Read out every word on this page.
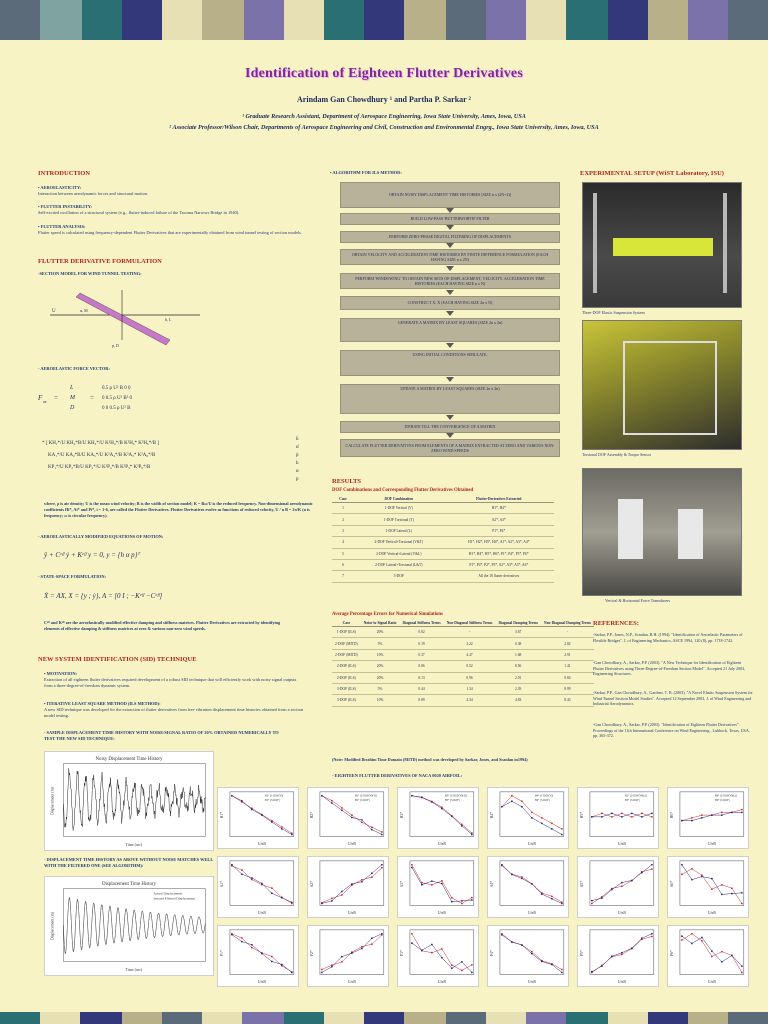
Identification of Eighteen Flutter Derivatives
Arindam Gan Chowdhury ¹ and Partha P. Sarkar ²
¹ Graduate Research Assistant, Department of Aerospace Engineering, Iowa State University, Ames, Iowa, USA
² Associate Professor/Wilson Chair, Departments of Aerospace Engineering and Civil, Construction and Environmental Engrg., Iowa State University, Ames, Iowa, USA
INTRODUCTION
• AEROELASTICITY:
Interaction between aerodynamic forces and structural motion.
• FLUTTER INSTABILITY:
Self-excited oscillation of a structural system (e.g., flutter-induced failure of the Tacoma Narrows Bridge in 1940).
• FLUTTER ANALYSIS:
Flutter speed is calculated using frequency-dependent Flutter Derivatives that are experimentally obtained from wind tunnel testing of section models.
FLUTTER DERIVATIVE FORMULATION
-SECTION MODEL FOR WIND TUNNEL TESTING:
U	α, M
p, D
h, L
- AEROELASTIC FORCE VECTOR:
F ae =
L
M
D
=
0.5 ρ U² B 0 0
0 0.5 ρ U² B² 0
0 0 0.5 ρ U² B
* [ KH₁*/U KH₂*B/U KH₅*/U K²H₄*/B K²H₃* K²H₆*/B ]
KA₁*/U KA₂*B/U KA₅*/U K²A₄*/B K²A₃* K²A₆*/B
KP₁*/U KP₂*B/U KP₅*/U K²P₄*/B K²P₃* K²P₆*/B
ḣ
α̇
ṗ
h
α
p
where, ρ is air density; U is the mean wind velocity; B is the width of section model; K = Bω/U is the reduced frequency. Non-dimensional aerodynamic coefficients Hi*, Ai* and Pi*, i = 1-6, are called the Flutter Derivatives. Flutter Derivatives evolve as functions of reduced velocity, U / n B = 2π/K (n is frequency; ω is circular frequency).
- AEROELASTICALLY MODIFIED EQUATIONS OF MOTION:
ÿ + Cᵉᶠᶠ ẏ + Kᵉᶠᶠ y = 0, y = {h α p}ᵀ
- STATE-SPACE FORMULATION:
Ẋ = AX, X = {y ; ẏ}, A = [0 I ; −Kᵉᶠᶠ −Cᵉᶠᶠ]
Cᵉᶠᶠ and Kᵉᶠᶠ are the aeroelastically modified effective damping and stiffness matrices. Flutter Derivatives are extracted by identifying elements of effective damping & stiffness matrices at zero & various non-zero wind speeds.
NEW SYSTEM IDENTIFICATION (SID) TECHNIQUE
• MOTIVATION:
Extraction of all eighteen flutter derivatives required development of a robust SID technique that will efficiently work with noisy signal outputs from a three-degree-of-freedom dynamic system.
• ITERATIVE LEAST SQUARE METHOD (ILS METHOD):
A new SID technique was developed for the extraction of flutter derivatives from free vibration displacement time histories obtained from a section model testing.
- SAMPLE DISPLACEMENT TIME HISTORY WITH NOISE/SIGNAL RATIO OF 20% OBTAINED NUMERICALLY TO TEST THE NEW SID TECHNIQUE:
Noisy Displacement Time History
Time (sec)
Displacement (m)
- DISPLACEMENT TIME HISTORY AS ABOVE WITHOUT NOISE MATCHES WELL WITH THE FILTERED ONE (SEE ALGORITHM):
Displacement Time History
Actual Displacement
Iterated Filtered Displacement
Time (sec)
Displacement (m)
• ALGORITHM FOR ILS METHOD:
OBTAIN NOISY DISPLACEMENT TIME HISTORIES [SIZE n x (2N+2)]
BUILD LOW-PASS 'BUTTERWORTH' FILTER
PERFORM ZERO-PHASE DIGITAL FILTERING OF DISPLACEMENTS
OBTAIN VELOCITY AND ACCELERATION TIME HISTORIES BY FINITE DIFFERENCE FORMULATION (EACH HAVING SIZE n x 2N)
PERFORM 'WINDOWING' TO OBTAIN NEW SETS OF DISPLACEMENT, VELOCITY, ACCELERATION TIME HISTORIES (EACH HAVING SIZE n x N)
CONSTRUCT X, Ẋ (EACH HAVING SIZE 2n x N)
GENERATE A MATRIX BY LEAST SQUARES (SIZE 2n x 2n)
USING INITIAL CONDITIONS SIMULATE,
UPDATE A MATRIX BY LEAST SQUARES (SIZE 2n x 2n)
ITERATE TILL THE CONVERGENCE OF A MATRIX
CALCULATE FLUTTER DERIVATIVES FROM ELEMENTS OF A MATRIX EXTRACTED AT ZERO AND VARIOUS NON-ZERO WIND SPEEDS
RESULTS
DOF Combinations and Corresponding Flutter Derivatives Obtained
Case	DOF Combination	Flutter-Derivatives Extracted
1	1-DOF Vertical (V)	H1*, H4*
2	1-DOF Torsional (T)	A2*, A3*
3	1-DOF Lateral (L)	P1*, P4*
4	2-DOF Vertical+Torsional (V&T)	H1*, H2*, H3*, H4*, A1*, A2*, A3*, A4*
5	2-DOF Vertical+Lateral (V&L)	H1*, H4*, H5*, H6*, P1*, P4*, P5*, P6*
6	2-DOF Lateral+Torsional (L&T)	P1*, P4*, P2*, P3*, A2*, A3*, A5*, A6*
7	3-DOF	All the 18 flutter derivatives
Average Percentage Errors for Numerical Simulations
Case	Noise-to-Signal Ratio	Diagonal Stiffness Terms	Non-Diagonal Stiffness Terms	Diagonal Damping Terms	Non-Diagonal Damping Terms
1-DOF (ILS)	20%	0.02	-	3.67	-
2-DOF (MITD)	5%	0.19	2.22	0.38	2.82
2-DOF (MITD)	10%	0.37	4.47	1.68	2.91
2-DOF (ILS)	20%	0.06	0.52	0.56	1.41
2-DOF (ILS)	20%	0.13	0.96	2.01	9.84
3-DOF (ILS)	5%	0.44	1.34	2.39	8.99
3-DOF (ILS)	10%	0.89	2.34	4.83	8.43
(Note: Modified Ibrahim Time Domain (MITD) method was developed by Sarkar, Jones, and Scanlan in1994)
- EIGHTEEN FLUTTER DERIVATIVES OF NACA 0020 AIRFOIL:
H1*
U/nB
H1* (1-DOF(V))
H1* (3-DOF)
H2*
U/nB
H2* (2-DOF(V&T))
H2* (3-DOF)
H3*
U/nB
H3* (2-DOF(V&T))
H3* (3-DOF)
H4*
U/nB
H4* (1-DOF(V))
H4* (3-DOF)
H5*
U/nB
H5* (2-DOF(V&L))
H5* (3-DOF)
H6*
U/nB
H6* (2-DOF(V&L))
H6* (3-DOF)
A1*
U/nB
A2*
U/nB
A3*
U/nB
A4*
U/nB
A5*
U/nB
A6*
U/nB
P1*
U/nB
P2*
U/nB
P3*
U/nB
P4*
U/nB
P5*
U/nB
P6*
U/nB
EXPERIMENTAL SETUP (WiST Laboratory, ISU)
Three-DOF Elastic Suspension System
Torsional DOF Assembly & Torque Sensor
Vertical & Horizontal Force Transducers
REFERENCES:
-Sarkar, P.P., Jones, N.P., Scanlan, R.H. (1994). "Identification of Aeroelastic Parameters of Flexible Bridges". J. of Engineering Mechanics, ASCE 1994, 120 (8), pp. 1718-1742.
-Gan Chowdhury, A., Sarkar, P.P. (2003). "A New Technique for Identification of Eighteen Flutter Derivatives using Three-Degree-of-Freedom Section Model". Accepted 21 July 2003, Engineering Structures.
-Sarkar, P.P., Gan Chowdhury, A., Gardner, T. B. (2003). "A Novel Elastic Suspension System for Wind Tunnel Section Model Studies". Accepted 12 September 2003, J. of Wind Engineering and Industrial Aerodynamics.
-Gan Chowdhury, A., Sarkar, P.P. (2003). "Identification of Eighteen Flutter Derivatives". Proceedings of the 11th International Conference on Wind Engineering , Lubbock, Texas, USA, pp. 365-372.
